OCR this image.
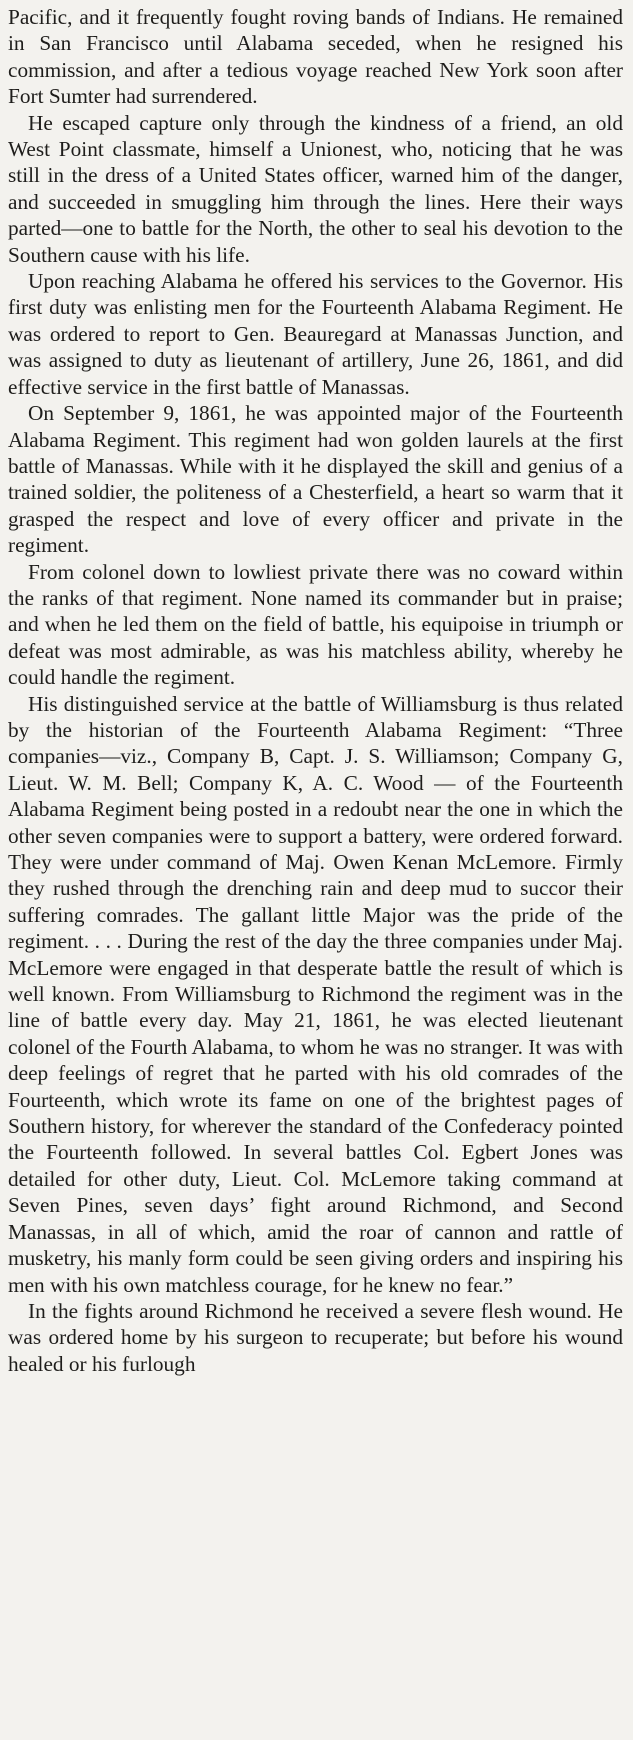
Pacific, and it frequently fought roving bands of Indians. He remained in San Francisco until Alabama seceded, when he resigned his commission, and after a tedious voyage reached New York soon after Fort Sumter had surrendered.

He escaped capture only through the kindness of a friend, an old West Point classmate, himself a Unionest, who, noticing that he was still in the dress of a United States officer, warned him of the danger, and succeeded in smuggling him through the lines. Here their ways parted—one to battle for the North, the other to seal his devotion to the Southern cause with his life.

Upon reaching Alabama he offered his services to the Governor. His first duty was enlisting men for the Fourteenth Alabama Regiment. He was ordered to report to Gen. Beauregard at Manassas Junction, and was assigned to duty as lieutenant of artillery, June 26, 1861, and did effective service in the first battle of Manassas.

On September 9, 1861, he was appointed major of the Fourteenth Alabama Regiment. This regiment had won golden laurels at the first battle of Manassas. While with it he displayed the skill and genius of a trained soldier, the politeness of a Chesterfield, a heart so warm that it grasped the respect and love of every officer and private in the regiment.

From colonel down to lowliest private there was no coward within the ranks of that regiment. None named its commander but in praise; and when he led them on the field of battle, his equipoise in triumph or defeat was most admirable, as was his matchless ability, whereby he could handle the regiment.

His distinguished service at the battle of Williamsburg is thus related by the historian of the Fourteenth Alabama Regiment: “Three companies—viz., Company B, Capt. J. S. Williamson; Company G, Lieut. W. M. Bell; Company K, A. C. Wood — of the Fourteenth Alabama Regiment being posted in a redoubt near the one in which the other seven companies were to support a battery, were ordered forward. They were under command of Maj. Owen Kenan McLemore. Firmly they rushed through the drenching rain and deep mud to succor their suffering comrades. The gallant little Major was the pride of the regiment. . . . During the rest of the day the three companies under Maj. McLemore were engaged in that desperate battle the result of which is well known. From Williamsburg to Richmond the regiment was in the line of battle every day. May 21, 1861, he was elected lieutenant colonel of the Fourth Alabama, to whom he was no stranger. It was with deep feelings of regret that he parted with his old comrades of the Fourteenth, which wrote its fame on one of the brightest pages of Southern history, for wherever the standard of the Confederacy pointed the Fourteenth followed. In several battles Col. Egbert Jones was detailed for other duty, Lieut. Col. McLemore taking command at Seven Pines, seven days’ fight around Richmond, and Second Manassas, in all of which, amid the roar of cannon and rattle of musketry, his manly form could be seen giving orders and inspiring his men with his own matchless courage, for he knew no fear.”

In the fights around Richmond he received a severe flesh wound. He was ordered home by his surgeon to recuperate; but before his wound healed or his furlough
